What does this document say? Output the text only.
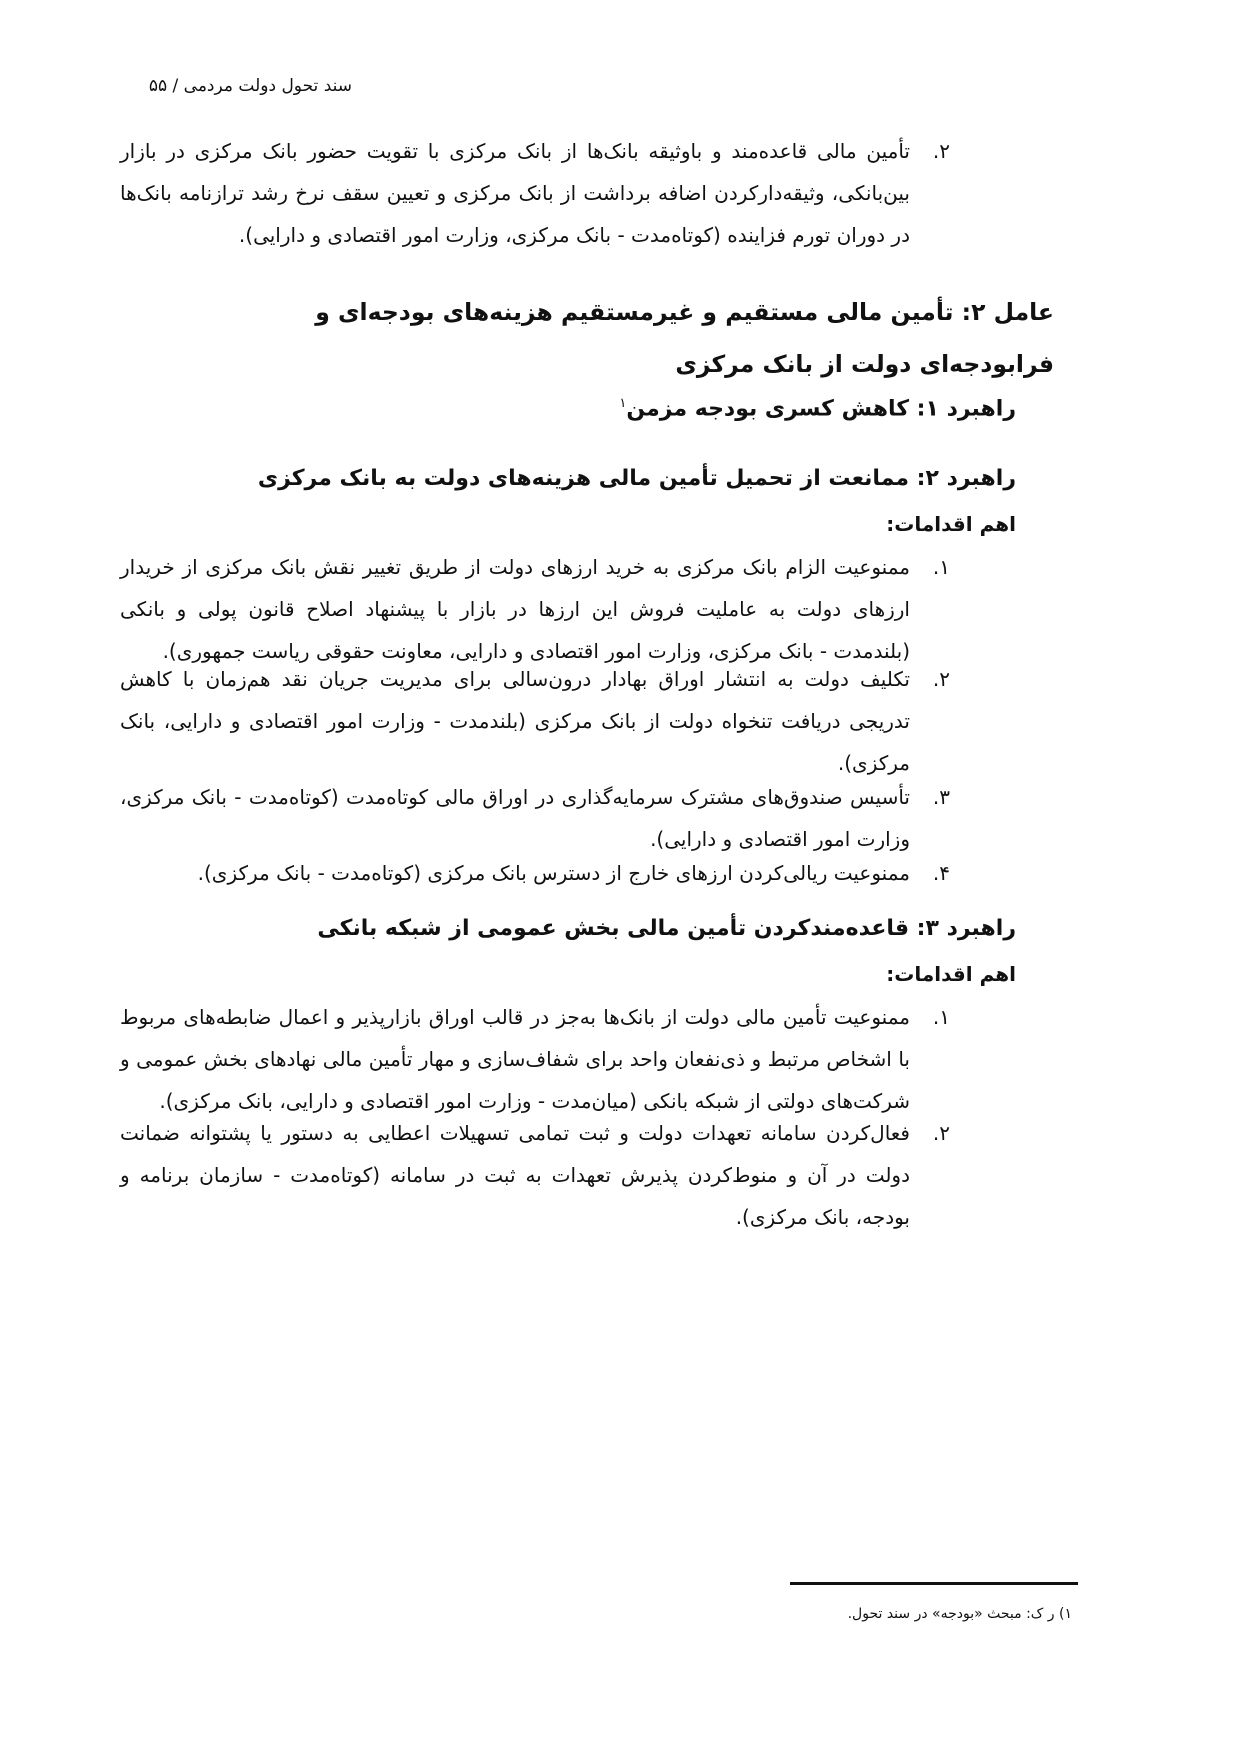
سند تحول دولت مردمی / ۵۵
۲.
تأمین مالی قاعده‌مند و باوثیقه بانک‌ها از بانک مرکزی با تقویت حضور بانک مرکزی در بازار بین‌بانکی، وثیقه‌دارکردن اضافه برداشت از بانک مرکزی و تعیین سقف نرخ رشد ترازنامه بانک‌ها در دوران تورم فزاینده (کوتاه‌مدت - بانک مرکزی، وزارت امور اقتصادی و دارایی).
عامل ۲: تأمین مالی مستقیم و غیرمستقیم هزینه‌های بودجه‌ای و فرابودجه‌ای دولت از بانک مرکزی
راهبرد ۱: کاهش کسری بودجه مزمن$^۱$
راهبرد ۲: ممانعت از تحمیل تأمین مالی هزینه‌های دولت به بانک مرکزی
اهم اقدامات:
۱.
ممنوعیت الزام بانک مرکزی به خرید ارزهای دولت از طریق تغییر نقش بانک مرکزی از خریدار ارزهای دولت به عاملیت فروش این ارزها در بازار با پیشنهاد اصلاح قانون پولی و بانکی (بلندمدت - بانک مرکزی، وزارت امور اقتصادی و دارایی، معاونت حقوقی ریاست جمهوری).
۲.
تکلیف دولت به انتشار اوراق بهادار درون‌سالی برای مدیریت جریان نقد هم‌زمان با کاهش تدریجی دریافت تنخواه دولت از بانک مرکزی (بلندمدت - وزارت امور اقتصادی و دارایی، بانک مرکزی).
۳.
تأسیس صندوق‌های مشترک سرمایه‌گذاری در اوراق مالی کوتاه‌مدت (کوتاه‌مدت - بانک مرکزی، وزارت امور اقتصادی و دارایی).
۴.
ممنوعیت ریالی‌کردن ارزهای خارج از دسترس بانک مرکزی (کوتاه‌مدت - بانک مرکزی).
راهبرد ۳: قاعده‌مندکردن تأمین مالی بخش عمومی از شبکه بانکی
اهم اقدامات:
۱.
ممنوعیت تأمین مالی دولت از بانک‌ها به‌جز در قالب اوراق بازارپذیر و اعمال ضابطه‌های مربوط با اشخاص مرتبط و ذی‌نفعان واحد برای شفاف‌سازی و مهار تأمین مالی نهادهای بخش عمومی و شرکت‌های دولتی از شبکه بانکی (میان‌مدت - وزارت امور اقتصادی و دارایی، بانک مرکزی).
۲.
فعال‌کردن سامانه تعهدات دولت و ثبت تمامی تسهیلات اعطایی به دستور یا پشتوانه ضمانت دولت در آن و منوط‌کردن پذیرش تعهدات به ثبت در سامانه (کوتاه‌مدت - سازمان برنامه و بودجه، بانک مرکزی).
۱) ر ک: مبحث «بودجه» در سند تحول.
